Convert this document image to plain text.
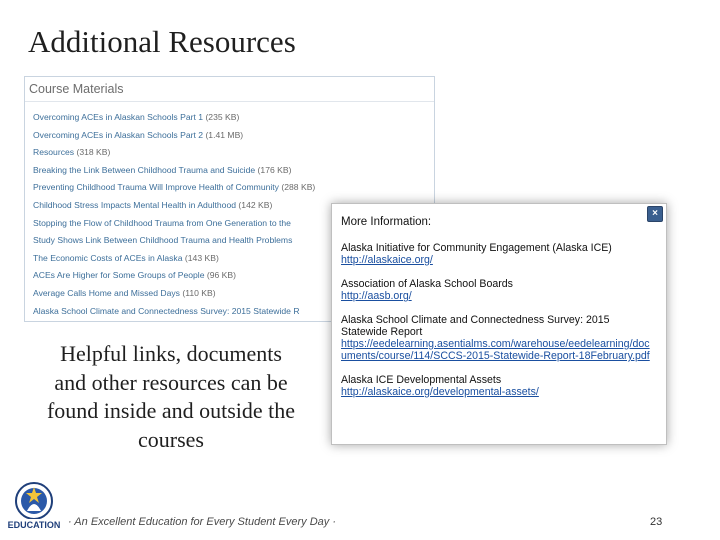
Additional Resources
Course Materials
Overcoming ACEs in Alaskan Schools Part 1 (235 KB)
Overcoming ACEs in Alaskan Schools Part 2 (1.41 MB)
Resources (318 KB)
Breaking the Link Between Childhood Trauma and Suicide (176 KB)
Preventing Childhood Trauma Will Improve Health of Community (288 KB)
Childhood Stress Impacts Mental Health in Adulthood (142 KB)
Stopping the Flow of Childhood Trauma from One Generation to the
Study Shows Link Between Childhood Trauma and Health Problems
The Economic Costs of ACEs in Alaska (143 KB)
ACEs Are Higher for Some Groups of People (96 KB)
Average Calls Home and Missed Days (110 KB)
Alaska School Climate and Connectedness Survey: 2015 Statewide R
×
More Information:
Alaska Initiative for Community Engagement (Alaska ICE)
http://alaskaice.org/
Association of Alaska School Boards
http://aasb.org/
Alaska School Climate and Connectedness Survey: 2015 Statewide Report
https://eedelearning.asentialms.com/warehouse/eedelearning/documents/course/114/SCCS-2015-Statewide-Report-18February.pdf
Alaska ICE Developmental Assets
http://alaskaice.org/developmental-assets/
Helpful links, documents and other resources can be found inside and outside the courses
EDUCATION · An Excellent Education for Every Student Every Day ·	23
